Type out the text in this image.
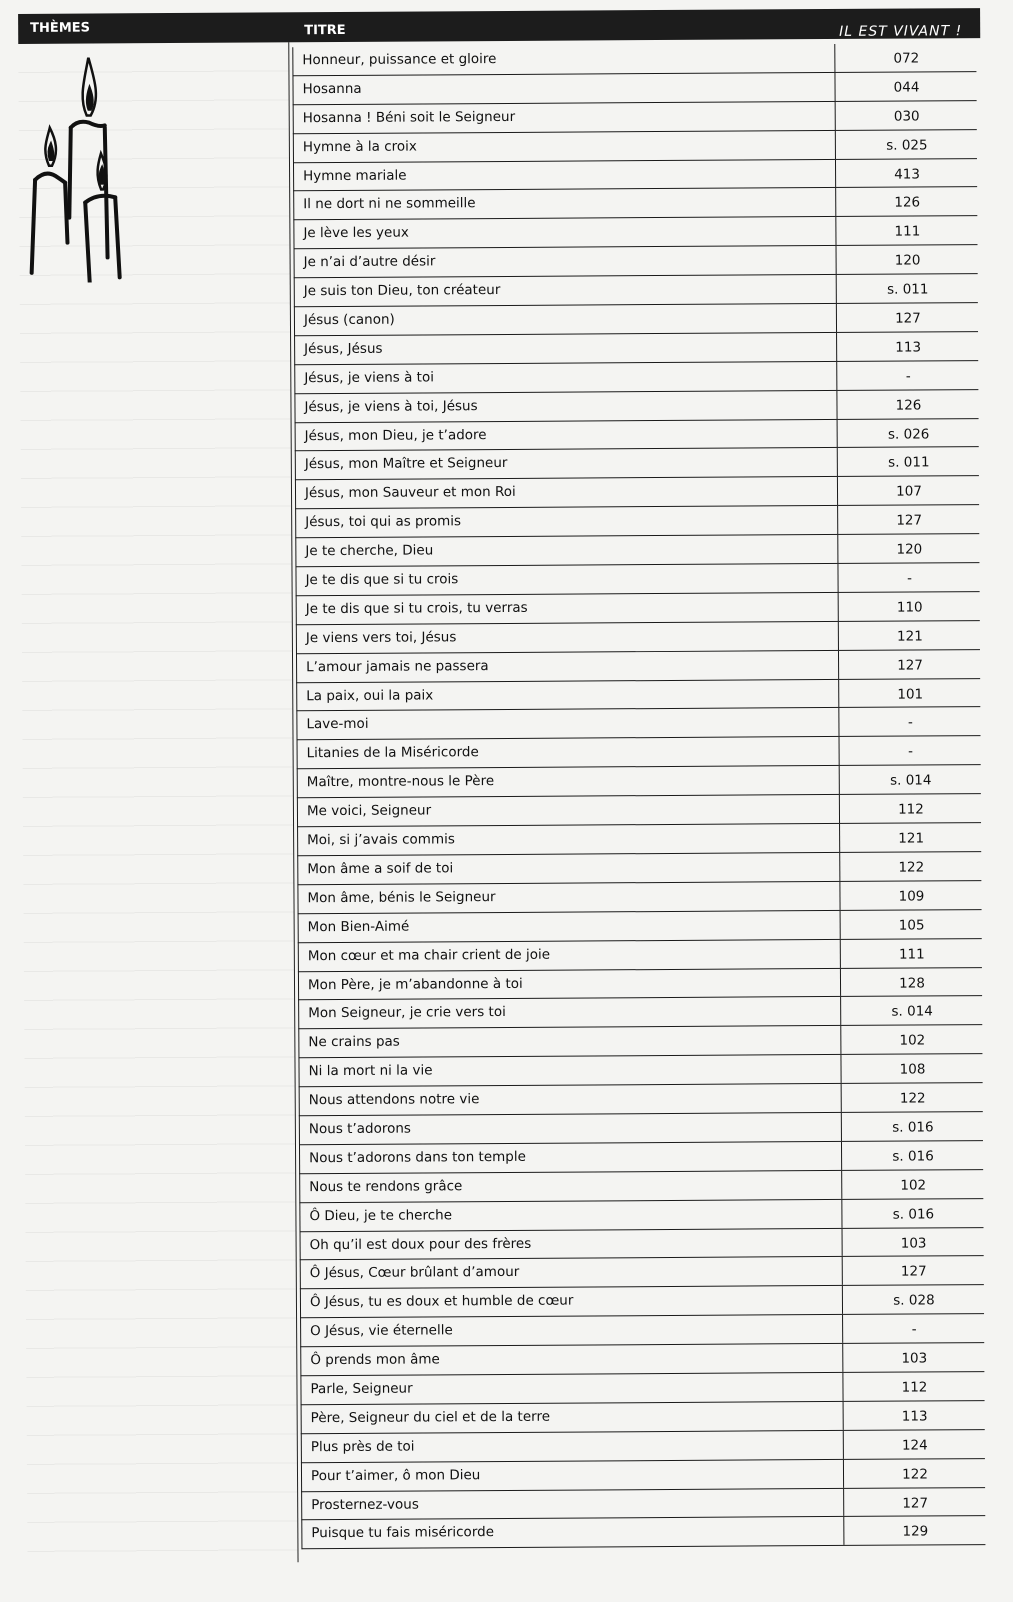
THÈMES	TITRE	IL EST VIVANT !
Honneur, puissance et gloire	072
Hosanna	044
Hosanna ! Béni soit le Seigneur	030
Hymne à la croix	s. 025
Hymne mariale	413
Il ne dort ni ne sommeille	126
Je lève les yeux	111
Je n’ai d’autre désir	120
Je suis ton Dieu, ton créateur	s. 011
Jésus (canon)	127
Jésus, Jésus	113
Jésus, je viens à toi	-
Jésus, je viens à toi, Jésus	126
Jésus, mon Dieu, je t’adore	s. 026
Jésus, mon Maître et Seigneur	s. 011
Jésus, mon Sauveur et mon Roi	107
Jésus, toi qui as promis	127
Je te cherche, Dieu	120
Je te dis que si tu crois	-
Je te dis que si tu crois, tu verras	110
Je viens vers toi, Jésus	121
L’amour jamais ne passera	127
La paix, oui la paix	101
Lave-moi	-
Litanies de la Miséricorde	-
Maître, montre-nous le Père	s. 014
Me voici, Seigneur	112
Moi, si j’avais commis	121
Mon âme a soif de toi	122
Mon âme, bénis le Seigneur	109
Mon Bien-Aimé	105
Mon cœur et ma chair crient de joie	111
Mon Père, je m’abandonne à toi	128
Mon Seigneur, je crie vers toi	s. 014
Ne crains pas	102
Ni la mort ni la vie	108
Nous attendons notre vie	122
Nous t’adorons	s. 016
Nous t’adorons dans ton temple	s. 016
Nous te rendons grâce	102
Ô Dieu, je te cherche	s. 016
Oh qu’il est doux pour des frères	103
Ô Jésus, Cœur brûlant d’amour	127
Ô Jésus, tu es doux et humble de cœur	s. 028
O Jésus, vie éternelle	-
Ô prends mon âme	103
Parle, Seigneur	112
Père, Seigneur du ciel et de la terre	113
Plus près de toi	124
Pour t’aimer, ô mon Dieu	122
Prosternez-vous	127
Puisque tu fais miséricorde	129
